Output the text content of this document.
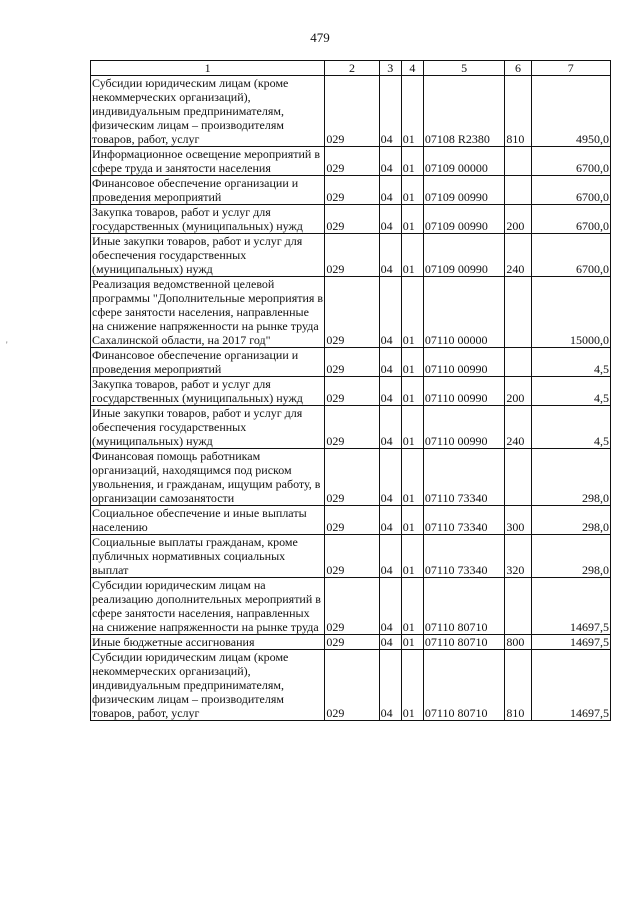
479
1	2	3	4	5	6	7
Субсидии юридическим лицам (кроме некоммерческих организаций), индивидуальным предпринимателям, физическим лицам – производителям товаров, работ, услуг	029	04	01	07108 R2380	810	4950,0
Информационное освещение мероприятий в сфере труда и занятости населения	029	04	01	07109 00000		6700,0
Финансовое обеспечение организации и проведения мероприятий	029	04	01	07109 00990		6700,0
Закупка товаров, работ и услуг для государственных (муниципальных) нужд	029	04	01	07109 00990	200	6700,0
Иные закупки товаров, работ и услуг для обеспечения государственных (муниципальных) нужд	029	04	01	07109 00990	240	6700,0
Реализация ведомственной целевой программы "Дополнительные мероприятия в сфере занятости населения, направленные на снижение напряженности на рынке труда Сахалинской области, на 2017 год"	029	04	01	07110 00000		15000,0
Финансовое обеспечение организации и проведения мероприятий	029	04	01	07110 00990		4,5
Закупка товаров, работ и услуг для государственных (муниципальных) нужд	029	04	01	07110 00990	200	4,5
Иные закупки товаров, работ и услуг для обеспечения государственных (муниципальных) нужд	029	04	01	07110 00990	240	4,5
Финансовая помощь работникам организаций, находящимся под риском увольнения, и гражданам, ищущим работу, в организации самозанятости	029	04	01	07110 73340		298,0
Социальное обеспечение и иные выплаты населению	029	04	01	07110 73340	300	298,0
Социальные выплаты гражданам, кроме публичных нормативных социальных выплат	029	04	01	07110 73340	320	298,0
Субсидии юридическим лицам на реализацию дополнительных мероприятий в сфере занятости населения, направленных на снижение напряженности на рынке труда	029	04	01	07110 80710		14697,5
Иные бюджетные ассигнования	029	04	01	07110 80710	800	14697,5
Субсидии юридическим лицам (кроме некоммерческих организаций), индивидуальным предпринимателям, физическим лицам – производителям товаров, работ, услуг	029	04	01	07110 80710	810	14697,5
'
